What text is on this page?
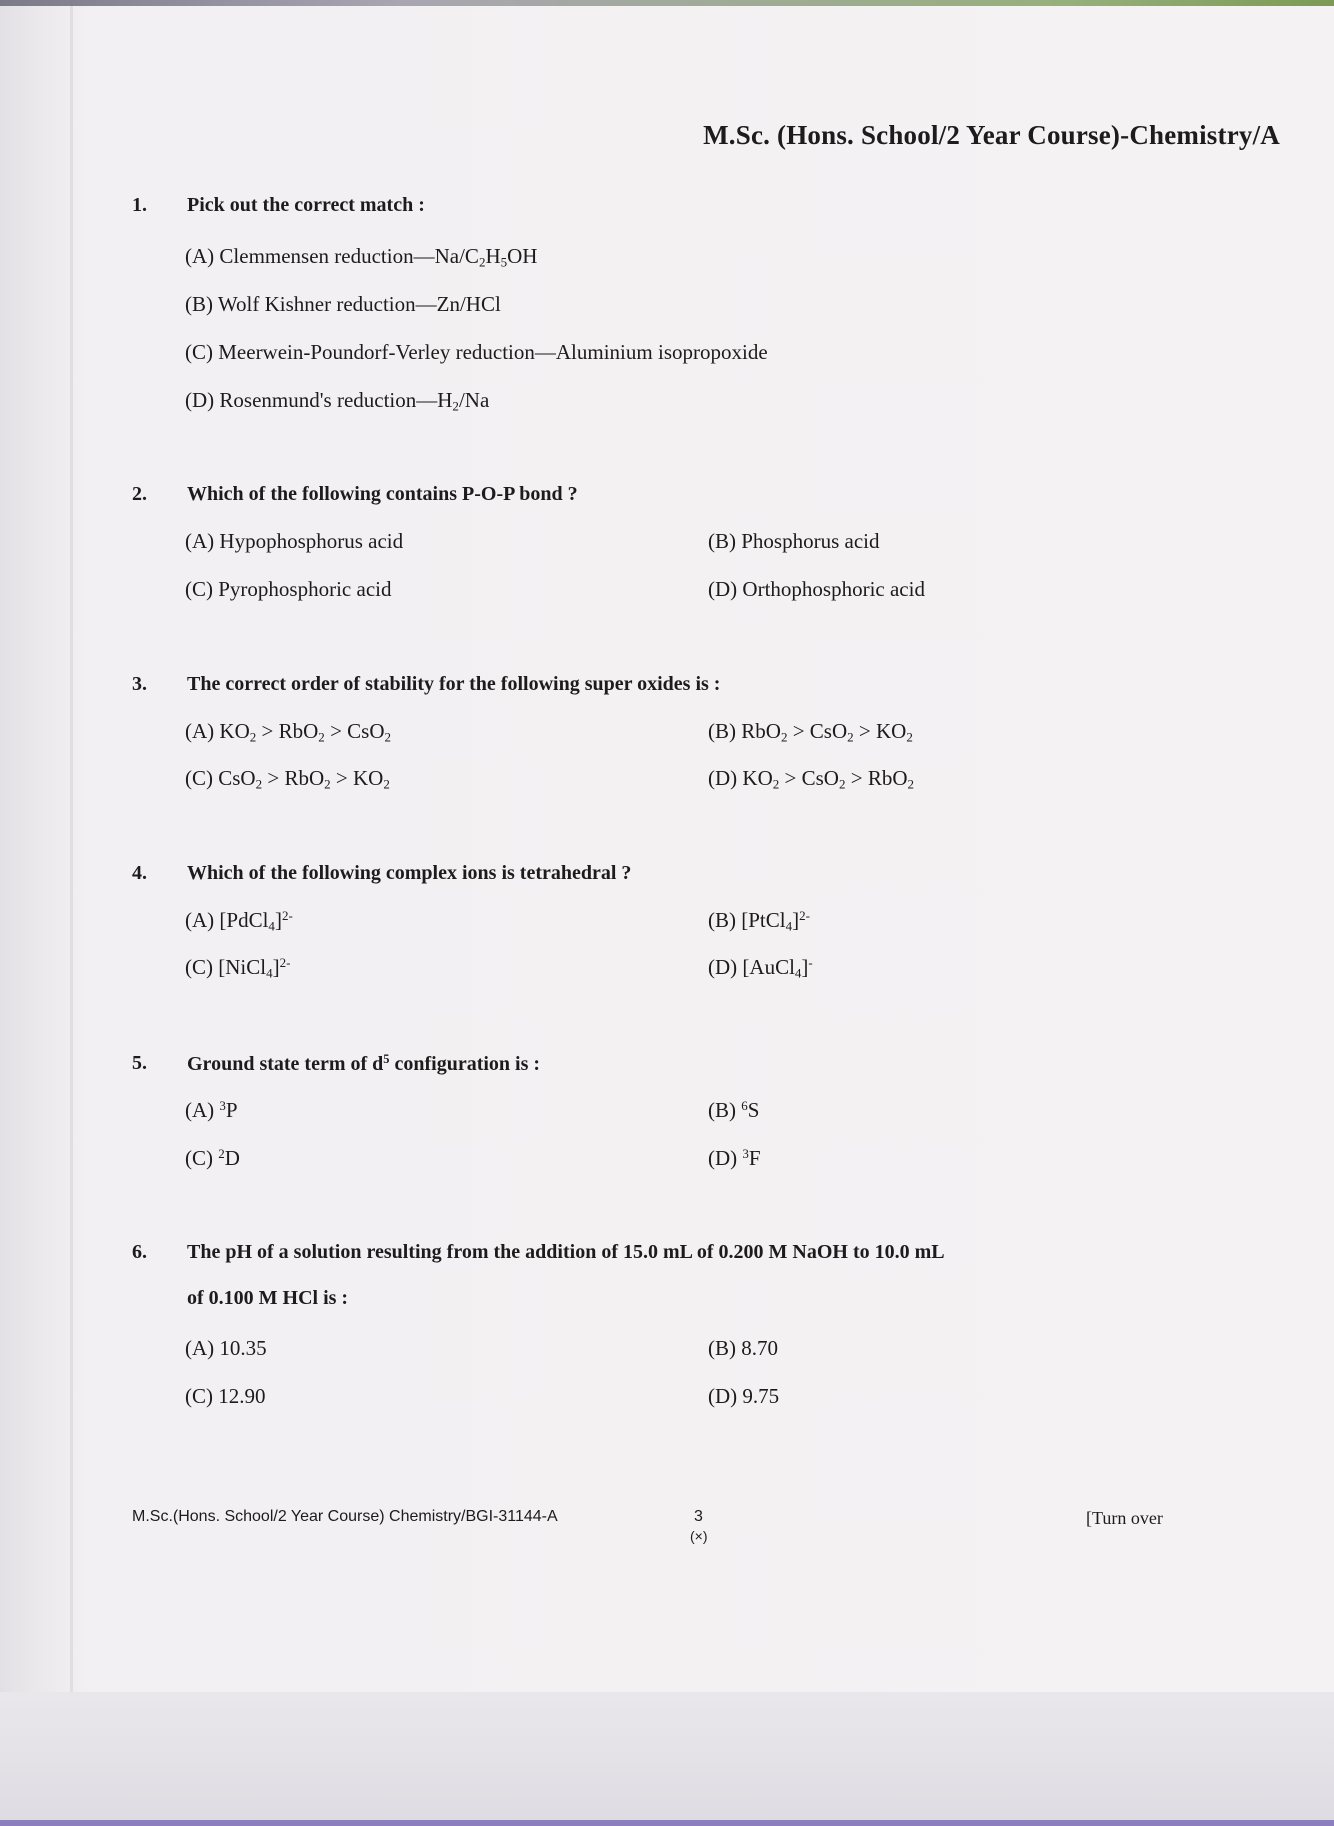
M.Sc. (Hons. School/2 Year Course)-Chemistry/A
1. Pick out the correct match :
(A) Clemmensen $reduction—Na/C_2H_5OH$
(B) Wolf Kishner reduction—Zn/HCl
(C) Meerwein-Poundorf-Verley reduction—Aluminium isopropoxide
(D) Rosenmund's $reduction—H_2/Na$
2. Which of the following contains P-O-P bond ?
(A) Hypophosphorus acid	(B) Phosphorus acid
(C) Pyrophosphoric acid	(D) Orthophosphoric acid
3. The correct order of stability for the following super oxides is :
(A) $KO_2 > RbO_2 > CsO_2$	(B) $RbO_2 > CsO_2 > KO_2$
(C) $CsO_2 > RbO_2 > KO_2$	(D) $KO_2 > CsO_2 > RbO_2$
4. Which of the following complex ions is tetrahedral ?
(A) [PdCl$_4$]$^{2-}$	(B) [PtCl$_4$]$^{2-}$
(C) [NiCl$_4$]$^{2-}$	(D) [AuCl$_4$]-
5. Ground state term of $d^5$ configuration is :
(A) $^3$P	(B) $^6$S
(C) $^2$D	(D) $^3$F
6. The pH of a solution resulting from the addition of 15.0 mL of 0.200 M NaOH to 10.0 mL
of 0.100 M HCl is :
(A) 10.35	(B) 8.70
(C) 12.90	(D) 9.75
M.Sc.(Hons. School/2 Year Course) Chemistry/BGI-31144-A	3
(×)
[Turn over
